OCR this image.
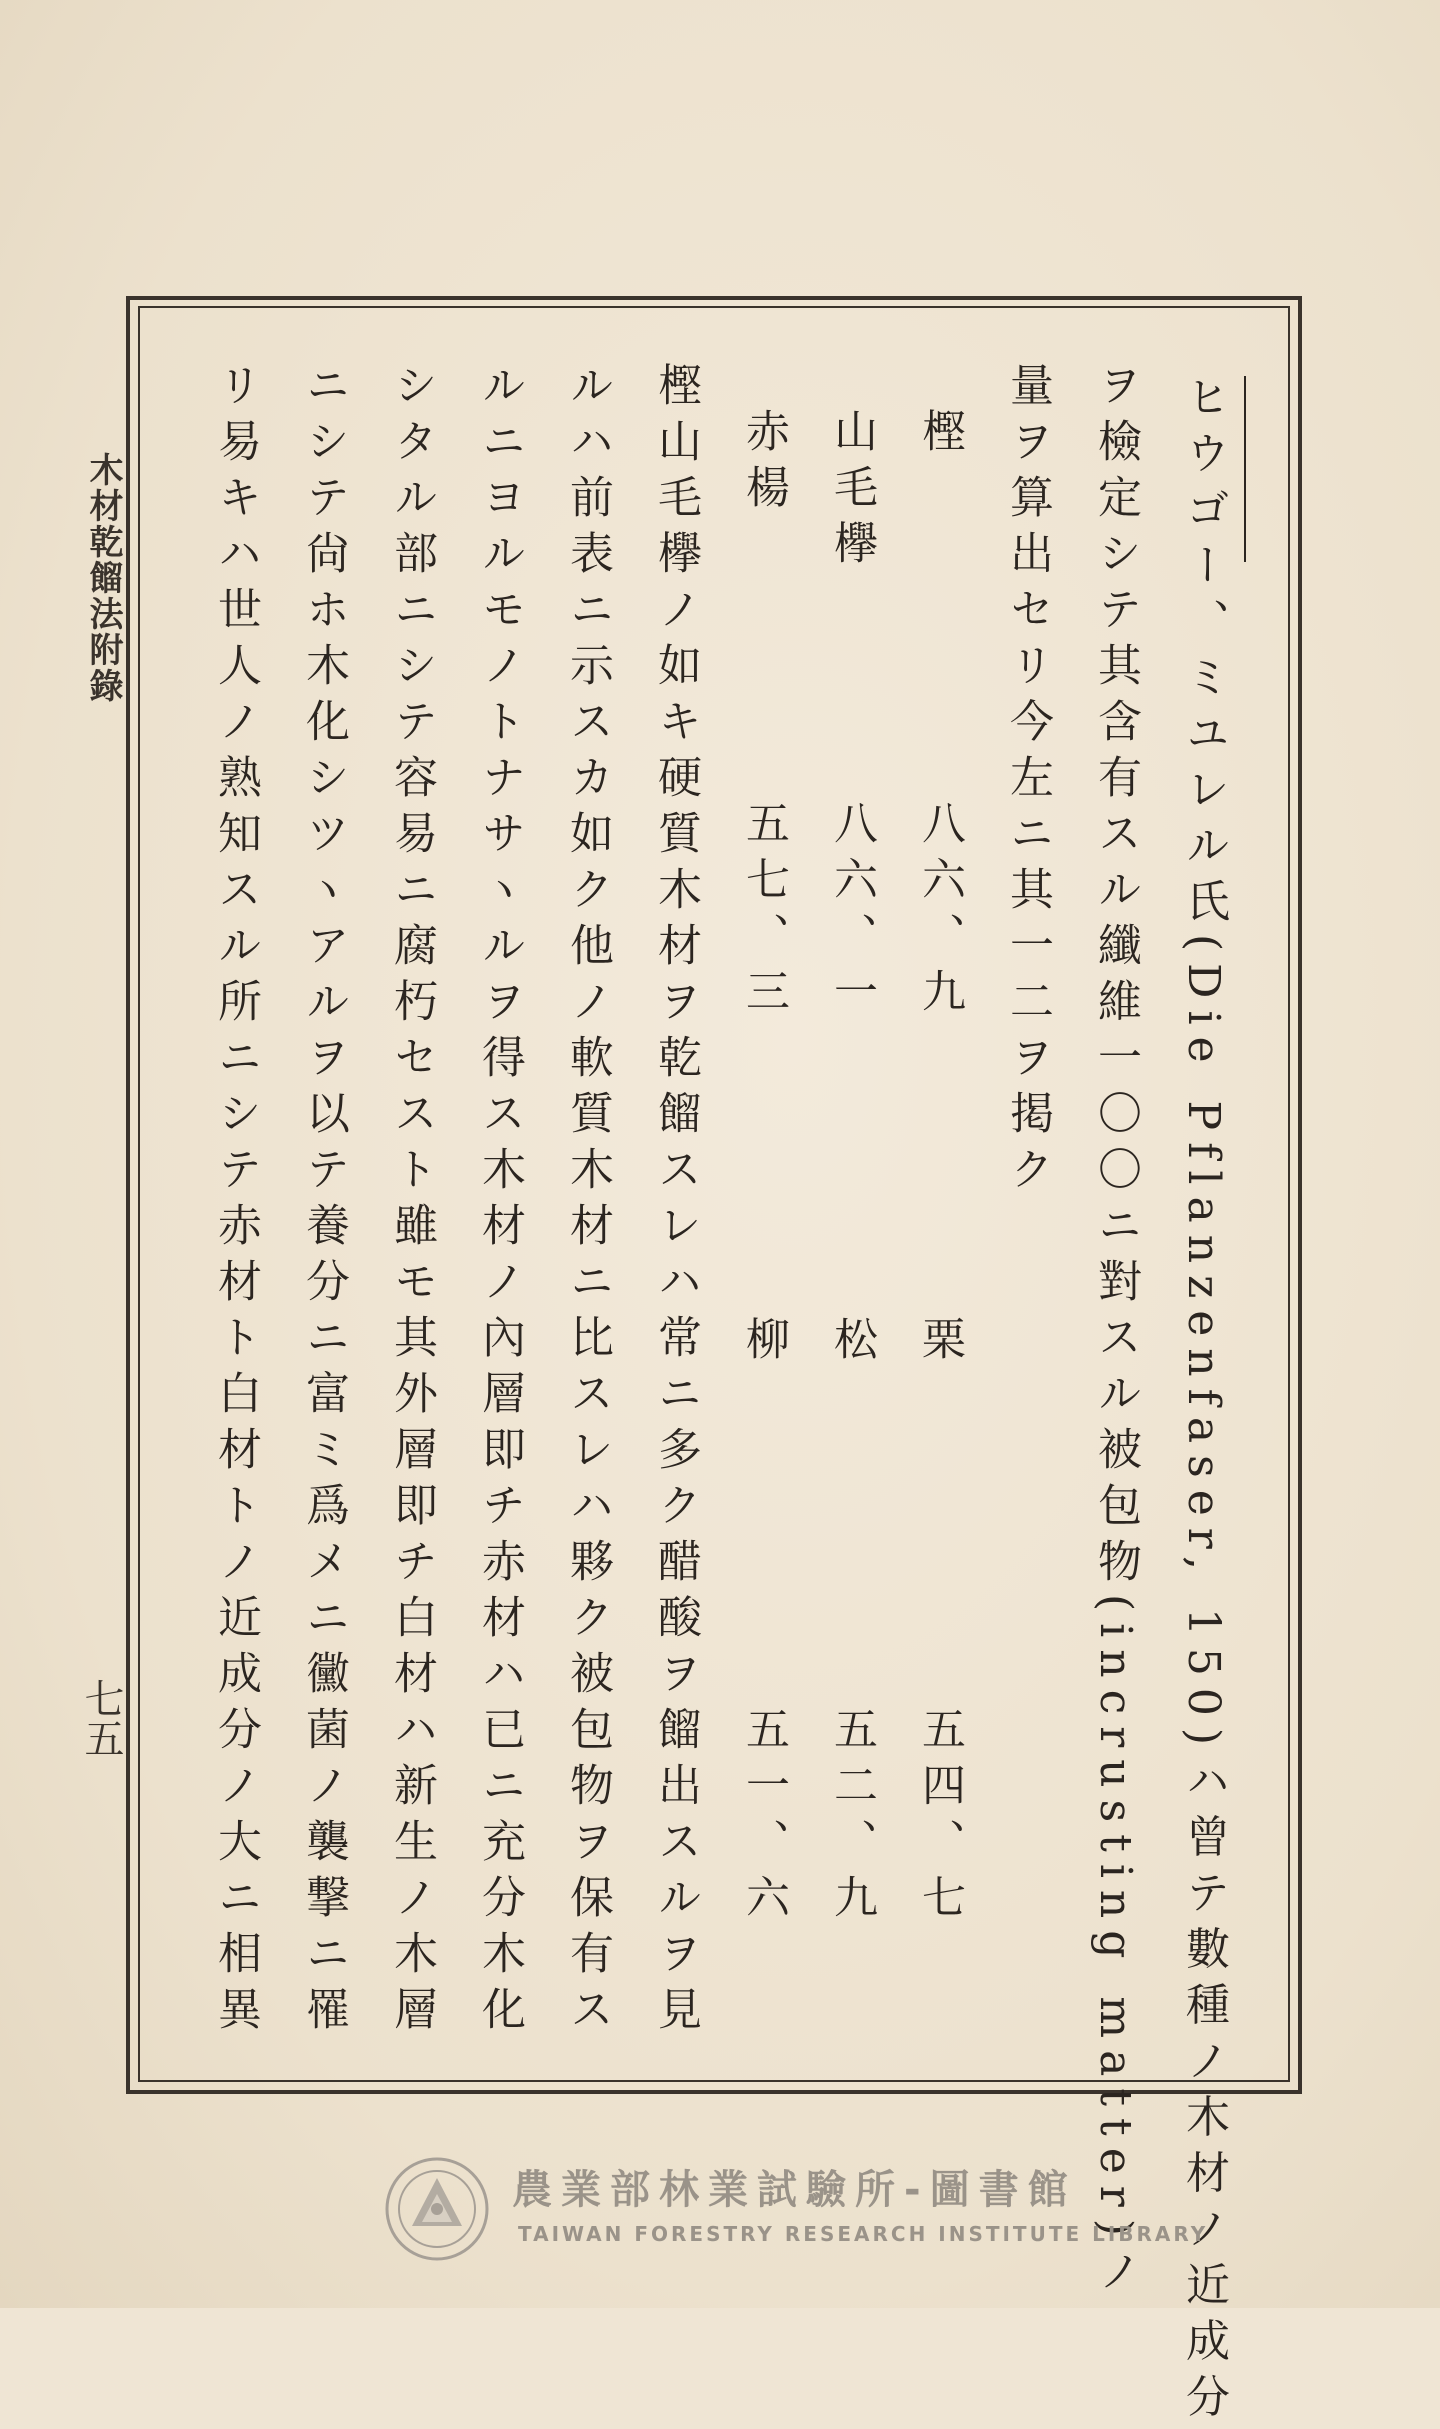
木材乾餾法附錄
七五	ヒウゴー、ミユレル氏(Die Pflanzenfaser, 150)ハ曾テ數種ノ木材ノ近成分
ヲ檢定シテ其含有スル纖維一〇〇ニ對スル被包物(incrusting matter)ノ
量ヲ算出セリ今左ニ其一二ヲ掲ク
樫
八六、九
栗
五四、七
山毛欅
八六、一
松
五二、九
赤楊
五七、三
柳
五一、六
樫山毛欅ノ如キ硬質木材ヲ乾餾スレハ常ニ多ク醋酸ヲ餾出スルヲ見
ルハ前表ニ示スカ如ク他ノ軟質木材ニ比スレハ夥ク被包物ヲ保有ス
ルニヨルモノトナサヽルヲ得ス木材ノ內層即チ赤材ハ已ニ充分木化
シタル部ニシテ容易ニ腐朽セスト雖モ其外層即チ白材ハ新生ノ木層
ニシテ尙ホ木化シツヽアルヲ以テ養分ニ富ミ爲メニ黴菌ノ襲撃ニ罹
リ易キハ世人ノ熟知スル所ニシテ赤材ト白材トノ近成分ノ大ニ相異
農業部林業試驗所-圖書館
TAIWAN FORESTRY RESEARCH INSTITUTE LIBRARY
